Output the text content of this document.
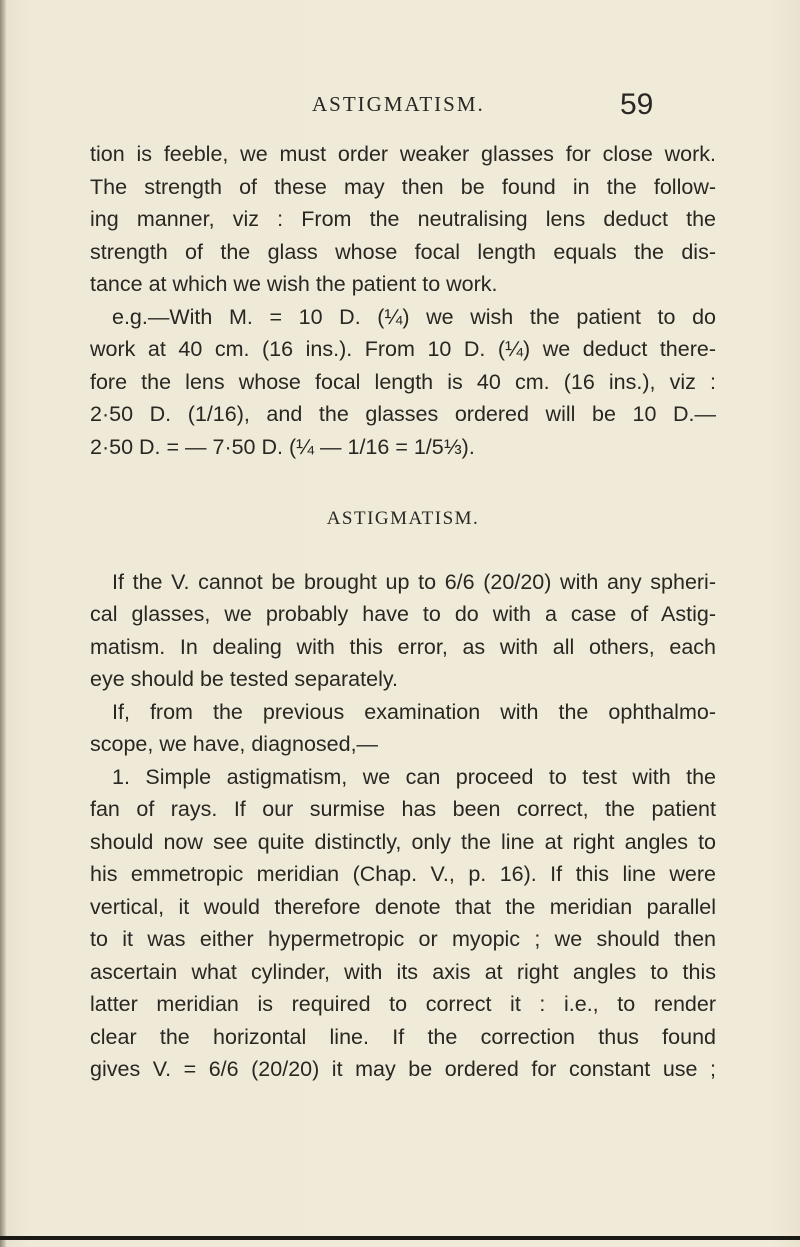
ASTIGMATISM.	59
tion is feeble, we must order weaker glasses for close work.
The strength of these may then be found in the follow-
ing manner, viz : From the neutralising lens deduct the
strength of the glass whose focal length equals the dis-
tance at which we wish the patient to work.
e.g.—With M. = 10 D. (¼) we wish the patient to do
work at 40 cm. (16 ins.). From 10 D. (¼) we deduct there-
fore the lens whose focal length is 40 cm. (16 ins.), viz :
2·50 D. (1/16), and the glasses ordered will be 10 D.—
2·50 D. = — 7·50 D. (¼ — 1/16 = 1/5⅓).
ASTIGMATISM.
If the V. cannot be brought up to 6/6 (20/20) with any spheri-
cal glasses, we probably have to do with a case of Astig-
matism. In dealing with this error, as with all others, each
eye should be tested separately.
If, from the previous examination with the ophthalmo-
scope, we have, diagnosed,—
1. Simple astigmatism, we can proceed to test with the
fan of rays. If our surmise has been correct, the patient
should now see quite distinctly, only the line at right angles to
his emmetropic meridian (Chap. V., p. 16). If this line were
vertical, it would therefore denote that the meridian parallel
to it was either hypermetropic or myopic ; we should then
ascertain what cylinder, with its axis at right angles to this
latter meridian is required to correct it : i.e., to render
clear the horizontal line. If the correction thus found
gives V. = 6/6 (20/20) it may be ordered for constant use ;
